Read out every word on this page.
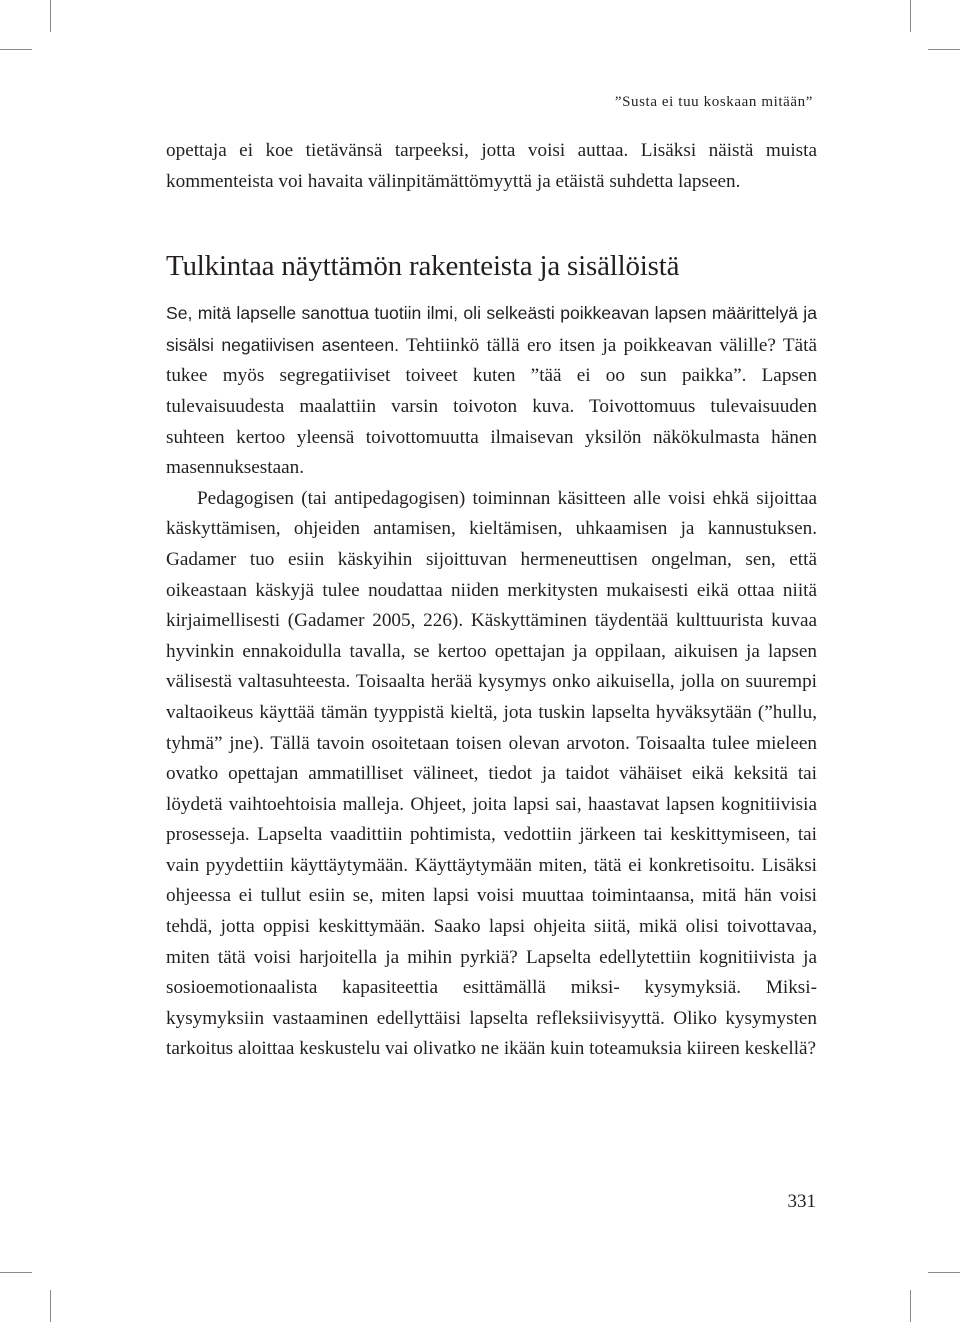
”Susta ei tuu koskaan mitään”

opettaja ei koe tietävänsä tarpeeksi, jotta voisi auttaa. Lisäksi näistä muista kommenteista voi havaita välinpitämättömyyttä ja etäistä suhdetta lapseen.

Tulkintaa näyttämön rakenteista ja sisällöistä

Se, mitä lapselle sanottua tuotiin ilmi, oli selkeästi poikkeavan lapsen määrittelyä ja sisälsi negatiivisen asenteen. Tehtiinkö tällä ero itsen ja poikkeavan välille? Tätä tukee myös segregatiiviset toiveet kuten ”tää ei oo sun paikka”. Lapsen tulevaisuudesta maalattiin varsin toivoton kuva. Toivottomuus tulevaisuuden suhteen kertoo yleensä toivottomuutta ilmaisevan yksilön näkökulmasta hänen masennuksestaan.

Pedagogisen (tai antipedagogisen) toiminnan käsitteen alle voisi ehkä sijoittaa käskyttämisen, ohjeiden antamisen, kieltämisen, uhkaamisen ja kannustuksen. Gadamer tuo esiin käskyihin sijoittuvan hermeneuttisen ongelman, sen, että oikeastaan käskyjä tulee noudattaa niiden merkitysten mukaisesti eikä ottaa niitä kirjaimellisesti (Gadamer 2005, 226). Käskyttäminen täydentää kulttuurista kuvaa hyvinkin ennakoidulla tavalla, se kertoo opettajan ja oppilaan, aikuisen ja lapsen välisestä valtasuhteesta. Toisaalta herää kysymys onko aikuisella, jolla on suurempi valtaoikeus käyttää tämän tyyppistä kieltä, jota tuskin lapselta hyväksytään (”hullu, tyhmä” jne). Tällä tavoin osoitetaan toisen olevan arvoton. Toisaalta tulee mieleen ovatko opettajan ammatilliset välineet, tiedot ja taidot vähäiset eikä keksitä tai löydetä vaihtoehtoisia malleja. Ohjeet, joita lapsi sai, haastavat lapsen kognitiivisia prosesseja. Lapselta vaadittiin pohtimista, vedottiin järkeen tai keskittymiseen, tai vain pyydettiin käyttäytymään. Käyttäytymään miten, tätä ei konkretisoitu. Lisäksi ohjeessa ei tullut esiin se, miten lapsi voisi muuttaa toimintaansa, mitä hän voisi tehdä, jotta oppisi keskittymään. Saako lapsi ohjeita siitä, mikä olisi toivottavaa, miten tätä voisi harjoitella ja mihin pyrkiä? Lapselta edellytettiin kognitiivista ja sosioemotionaalista kapasiteettia esittämällä miksi- kysymyksiä. Miksi- kysymyksiin vastaaminen edellyttäisi lapselta refleksiivisyyttä. Oliko kysymysten tarkoitus aloittaa keskustelu vai olivatko ne ikään kuin toteamuksia kiireen keskellä?

331
